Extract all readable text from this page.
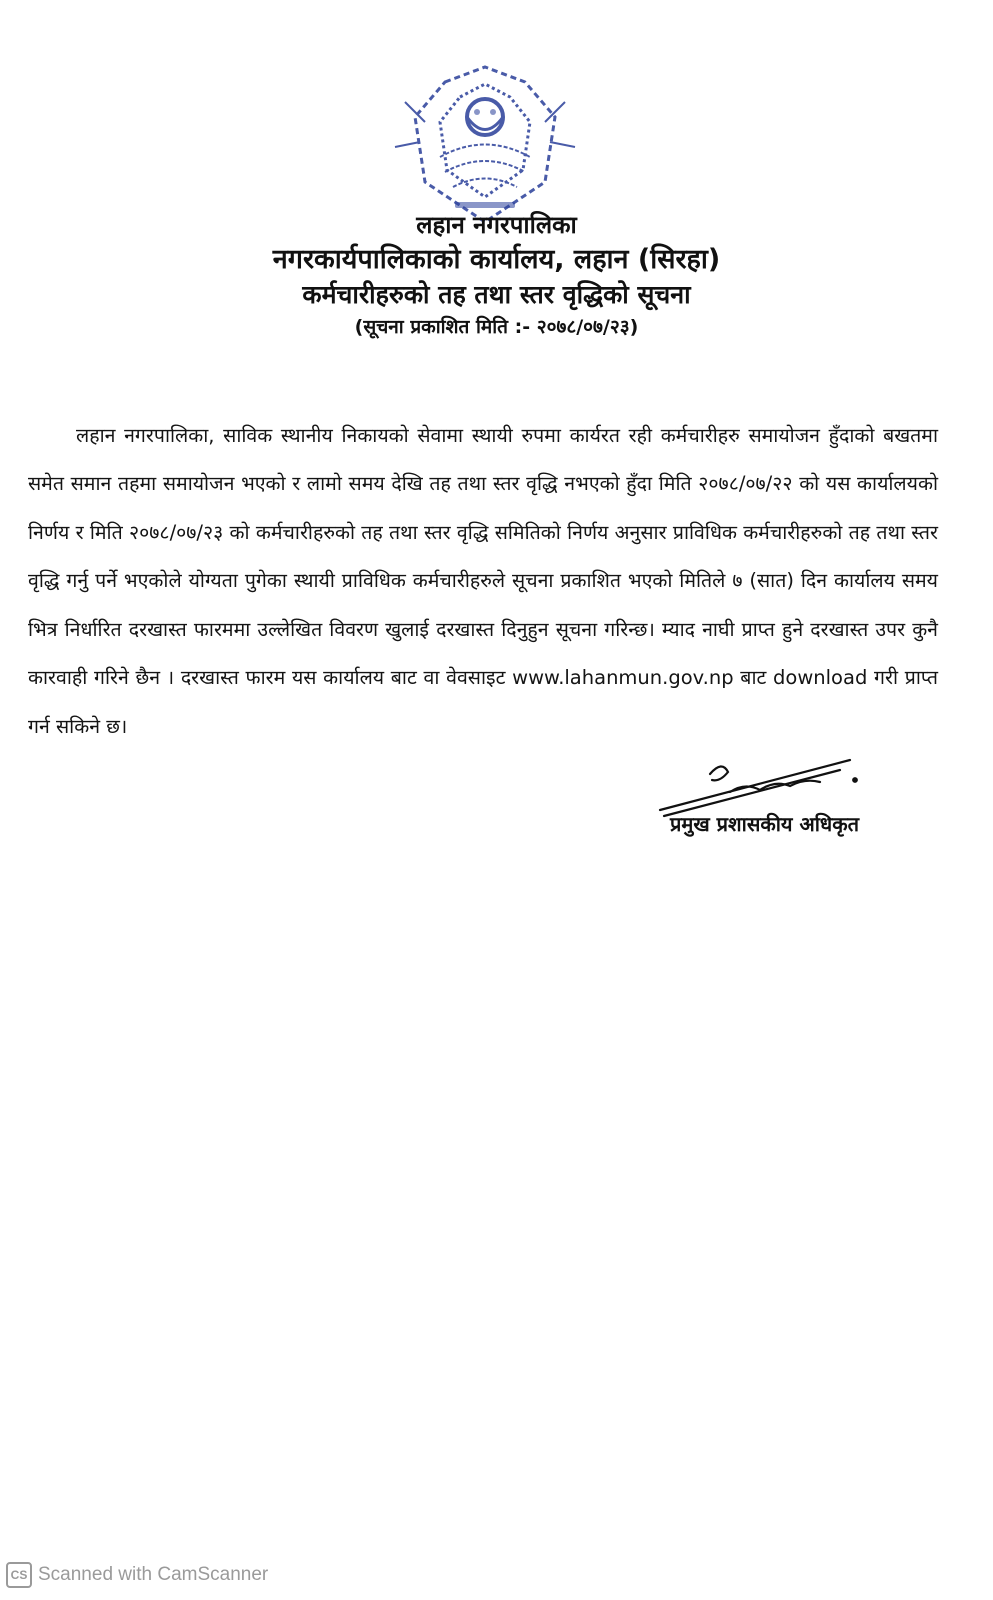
लहान नगरपालिका
नगरकार्यपालिकाको कार्यालय, लहान (सिरहा)
कर्मचारीहरुको तह तथा स्तर वृद्धिको सूचना
(सूचना प्रकाशित मिति :- २०७८/०७/२३)

लहान नगरपालिका, साविक स्थानीय निकायको सेवामा स्थायी रुपमा कार्यरत रही कर्मचारीहरु समायोजन हुँदाको बखतमा समेत समान तहमा समायोजन भएको र लामो समय देखि तह तथा स्तर वृद्धि नभएको हुँदा मिति २०७८/०७/२२ को यस कार्यालयको निर्णय र मिति २०७८/०७/२३ को कर्मचारीहरुको तह तथा स्तर वृद्धि समितिको निर्णय अनुसार प्राविधिक कर्मचारीहरुको तह तथा स्तर वृद्धि गर्नु पर्ने भएकोले योग्यता पुगेका स्थायी प्राविधिक कर्मचारीहरुले सूचना प्रकाशित भएको मितिले ७ (सात) दिन कार्यालय समय भित्र निर्धारित दरखास्त फारममा उल्लेखित विवरण खुलाई दरखास्त दिनुहुन सूचना गरिन्छ। म्याद नाघी प्राप्त हुने दरखास्त उपर कुनै कारवाही गरिने छैन । दरखास्त फारम यस कार्यालय बाट वा वेवसाइट www.lahanmun.gov.np बाट download गरी प्राप्त गर्न सकिने छ।

प्रमुख प्रशासकीय अधिकृत
CS Scanned with CamScanner
